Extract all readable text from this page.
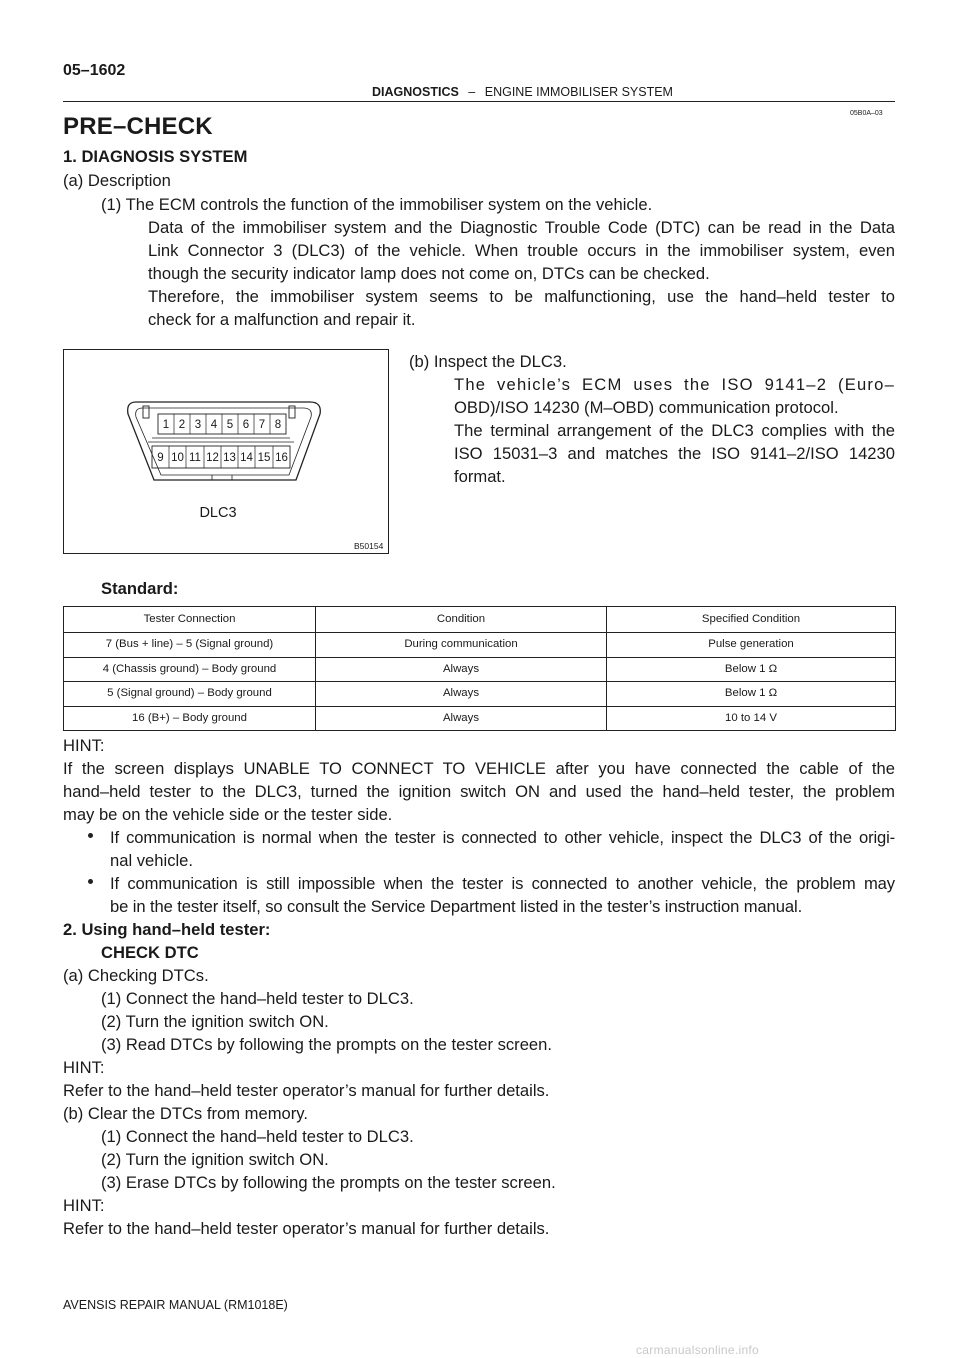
05–1602
DIAGNOSTICS – ENGINE IMMOBILISER SYSTEM
05B0A–03
PRE–CHECK
1. DIAGNOSIS SYSTEM
(a) Description
(1) The ECM controls the function of the immobiliser system on the vehicle.
Data of the immobiliser system and the Diagnostic Trouble Code (DTC) can be read in the Data
Link Connector 3 (DLC3) of the vehicle. When trouble occurs in the immobiliser system, even
though the security indicator lamp does not come on, DTCs can be checked.
Therefore, the immobiliser system seems to be malfunctioning, use the hand–held tester to
check for a malfunction and repair it.
1 2 3 4 5 6 7 8
9 10 11 12 13 14 15 16
DLC3
B50154
(b) Inspect the DLC3.
The vehicle’s ECM uses the ISO 9141–2 (Euro–
OBD)/ISO 14230 (M–OBD) communication protocol.
The terminal arrangement of the DLC3 complies with the
ISO 15031–3 and matches the ISO 9141–2/ISO 14230
format.
Standard:
Tester Connection	Condition	Specified Condition
7 (Bus + line) – 5 (Signal ground)	During communication	Pulse generation
4 (Chassis ground) – Body ground	Always	Below 1 Ω
5 (Signal ground) – Body ground	Always	Below 1 Ω
16 (B+) – Body ground	Always	10 to 14 V
HINT:
If the screen displays UNABLE TO CONNECT TO VEHICLE after you have connected the cable of the
hand–held tester to the DLC3, turned the ignition switch ON and used the hand–held tester, the problem
may be on the vehicle side or the tester side.
If communication is normal when the tester is connected to other vehicle, inspect the DLC3 of the origi-
nal vehicle.
If communication is still impossible when the tester is connected to another vehicle, the problem may
be in the tester itself, so consult the Service Department listed in the tester’s instruction manual.
2. Using hand–held tester:
CHECK DTC
(a) Checking DTCs.
(1) Connect the hand–held tester to DLC3.
(2) Turn the ignition switch ON.
(3) Read DTCs by following the prompts on the tester screen.
HINT:
Refer to the hand–held tester operator’s manual for further details.
(b) Clear the DTCs from memory.
(1) Connect the hand–held tester to DLC3.
(2) Turn the ignition switch ON.
(3) Erase DTCs by following the prompts on the tester screen.
HINT:
Refer to the hand–held tester operator’s manual for further details.
AVENSIS REPAIR MANUAL (RM1018E)
carmanualsonline.info
